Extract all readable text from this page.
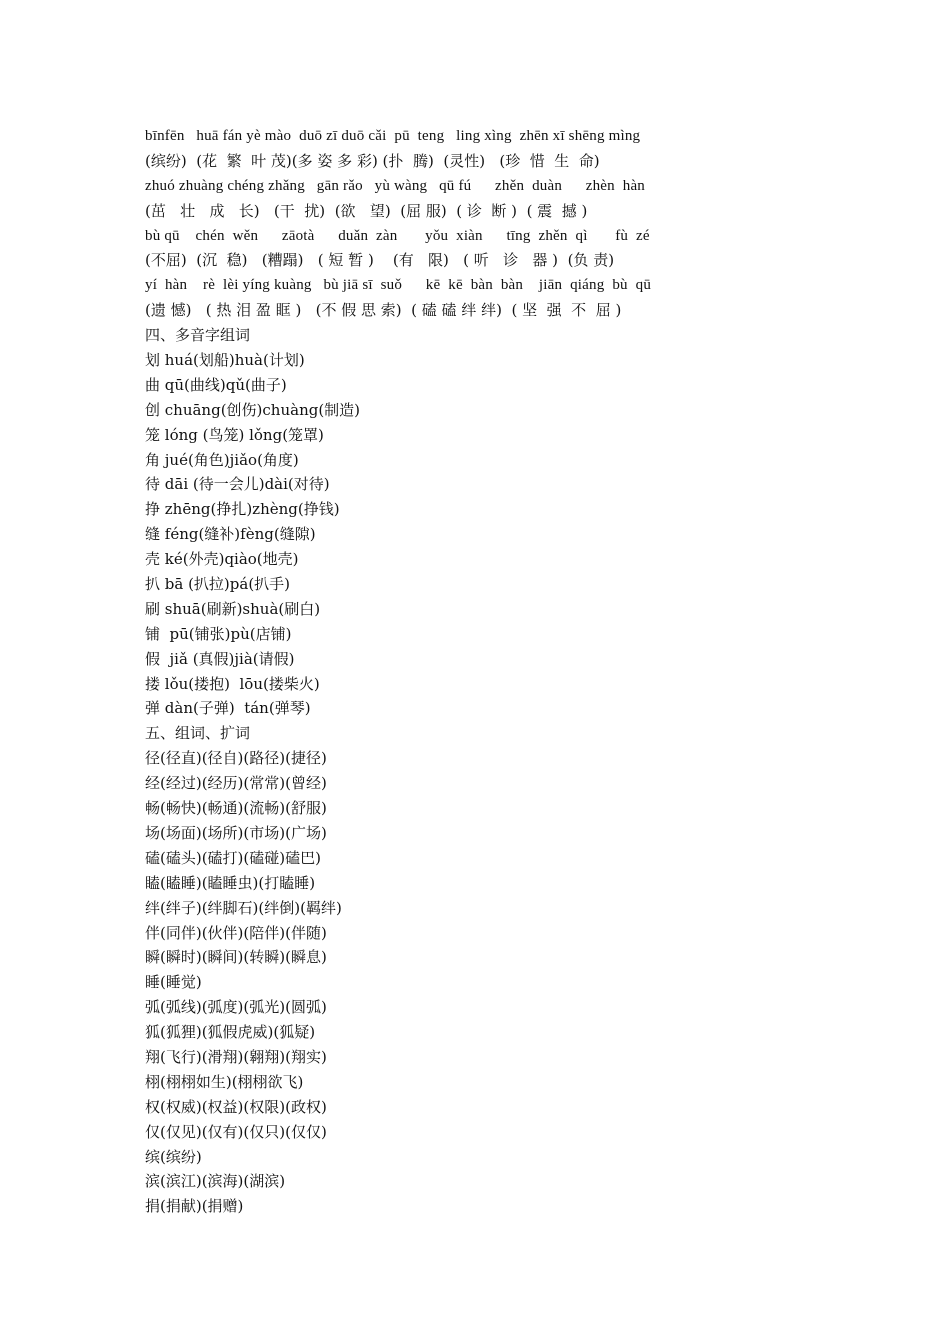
bīnfēn   huā fán yè mào  duō zī duō cǎi  pū  teng   ling xìng  zhēn xī shēng mìng
(缤纷)  (花  繁  叶 茂)(多 姿 多 彩) (扑  腾)  (灵性)   (珍  惜  生  命)
zhuó zhuàng chéng zhǎng   gān rǎo   yù wàng   qū fú      zhěn  duàn      zhèn  hàn
(茁   壮   成   长)   (干  扰)  (欲   望)  (屈 服)  ( 诊  断 )  ( 震  撼 )
bù qū    chén  wěn      zāotà      duǎn  zàn       yǒu  xiàn      tīng  zhěn  qì       fù  zé
(不屈)  (沉  稳)   (糟蹋)   ( 短 暂 )    (有   限)   ( 听   诊   器 )  (负 责)
yí  hàn    rè  lèi yíng kuàng   bù jiā sī  suǒ      kē  kē  bàn  bàn    jiān  qiáng  bù  qū
(遗 憾)   ( 热 泪 盈 眶 )   (不 假 思 索)  ( 磕 磕 绊 绊)  ( 坚  强  不  屈 )
四、多音字组词
划 huá(划船)huà(计划)
曲 qū(曲线)qǔ(曲子)
创 chuāng(创伤)chuàng(制造)
笼 lóng (鸟笼) lǒng(笼罩)
角 jué(角色)jiǎo(角度)
待 dāi (待一会儿)dài(对待)
挣 zhēng(挣扎)zhèng(挣钱)
缝 féng(缝补)fèng(缝隙)
壳 ké(外壳)qiào(地壳)
扒 bā (扒拉)pá(扒手)
刷 shuā(刷新)shuà(刷白)
铺  pū(铺张)pù(店铺)
假  jiǎ (真假)jià(请假)
搂 lǒu(搂抱)  lōu(搂柴火)
弹 dàn(子弹)  tán(弹琴)
五、组词、扩词
径(径直)(径自)(路径)(捷径)
经(经过)(经历)(常常)(曾经)
畅(畅快)(畅通)(流畅)(舒服)
场(场面)(场所)(市场)(广场)
磕(磕头)(磕打)(磕碰)磕巴)
瞌(瞌睡)(瞌睡虫)(打瞌睡)
绊(绊子)(绊脚石)(绊倒)(羁绊)
伴(同伴)(伙伴)(陪伴)(伴随)
瞬(瞬时)(瞬间)(转瞬)(瞬息)
睡(睡觉)
弧(弧线)(弧度)(弧光)(圆弧)
狐(狐狸)(狐假虎威)(狐疑)
翔(飞行)(滑翔)(翱翔)(翔实)
栩(栩栩如生)(栩栩欲飞)
权(权威)(权益)(权限)(政权)
仅(仅见)(仅有)(仅只)(仅仅)
缤(缤纷)
滨(滨江)(滨海)(湖滨)
捐(捐献)(捐赠)
